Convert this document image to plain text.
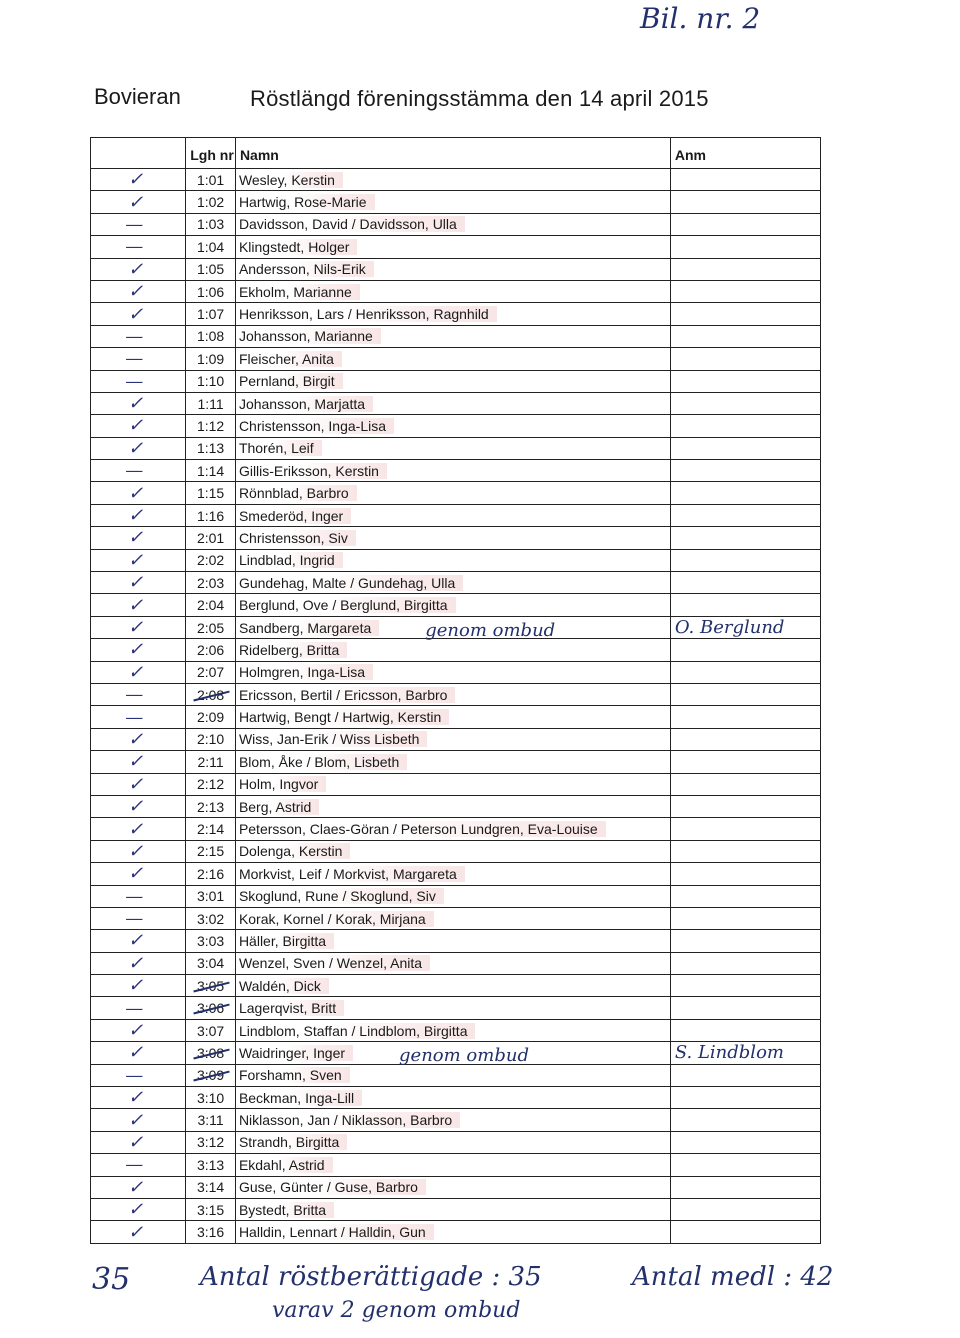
Bil. nr. 2
Bovieran	Röstlängd föreningsstämma den 14 april 2015
	Lgh nr	Namn	Anm
✓	1:01	Wesley, Kerstin	
✓	1:02	Hartwig, Rose-Marie	
—	1:03	Davidsson, David / Davidsson, Ulla	
—	1:04	Klingstedt, Holger	
✓	1:05	Andersson, Nils-Erik	
✓	1:06	Ekholm, Marianne	
✓	1:07	Henriksson, Lars / Henriksson, Ragnhild	
—	1:08	Johansson, Marianne	
—	1:09	Fleischer, Anita	
—	1:10	Pernland, Birgit	
✓	1:11	Johansson, Marjatta	
✓	1:12	Christensson, Inga-Lisa	
✓	1:13	Thorén, Leif	
—	1:14	Gillis-Eriksson, Kerstin	
✓	1:15	Rönnblad, Barbro	
✓	1:16	Smederöd, Inger	
✓	2:01	Christensson, Siv	
✓	2:02	Lindblad, Ingrid	
✓	2:03	Gundehag, Malte / Gundehag, Ulla	
✓	2:04	Berglund, Ove / Berglund, Birgitta	
✓	2:05	Sandberg, Margareta genom ombud	O. Berglund
✓	2:06	Ridelberg, Britta	
✓	2:07	Holmgren, Inga-Lisa	
—	2:08	Ericsson, Bertil / Ericsson, Barbro	
—	2:09	Hartwig, Bengt / Hartwig, Kerstin	
✓	2:10	Wiss, Jan-Erik / Wiss Lisbeth	
✓	2:11	Blom, Åke / Blom, Lisbeth	
✓	2:12	Holm, Ingvor	
✓	2:13	Berg, Astrid	
✓	2:14	Petersson, Claes-Göran / Peterson Lundgren, Eva-Louise	
✓	2:15	Dolenga, Kerstin	
✓	2:16	Morkvist, Leif / Morkvist, Margareta	
—	3:01	Skoglund, Rune / Skoglund, Siv	
—	3:02	Korak, Kornel / Korak, Mirjana	
✓	3:03	Häller, Birgitta	
✓	3:04	Wenzel, Sven / Wenzel, Anita	
✓	3:05	Waldén, Dick	
—	3:06	Lagerqvist, Britt	
✓	3:07	Lindblom, Staffan / Lindblom, Birgitta	
✓	3:08	Waidringer, Inger genom ombud	S. Lindblom
—	3:09	Forshamn, Sven	
✓	3:10	Beckman, Inga-Lill	
✓	3:11	Niklasson, Jan / Niklasson, Barbro	
✓	3:12	Strandh, Birgitta	
—	3:13	Ekdahl, Astrid	
✓	3:14	Guse, Günter / Guse, Barbro	
✓	3:15	Bystedt, Britta	
✓	3:16	Halldin, Lennart / Halldin, Gun	
35	Antal röstberättigade : 35
varav 2 genom ombud
Antal medl : 42
